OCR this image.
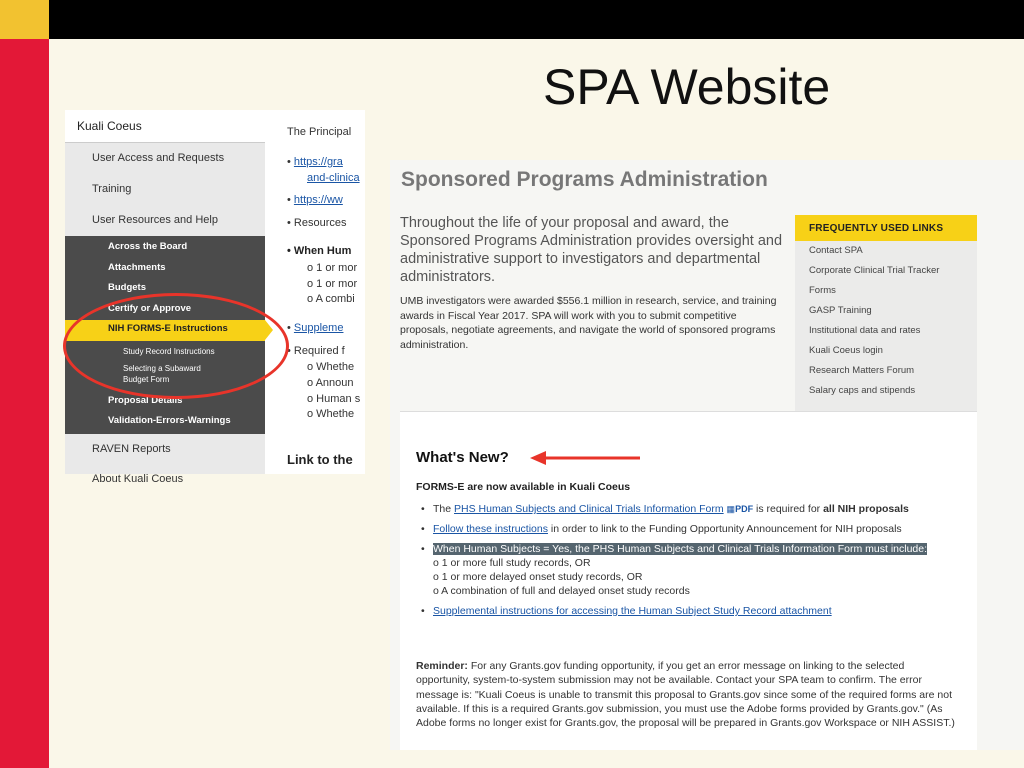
SPA Website
Kuali Coeus
User Access and Requests
Training
User Resources and Help
Across the Board
Attachments
Budgets
Certify or Approve
NIH FORMS-E Instructions
Study Record Instructions
Selecting a Subaward Budget Form
Proposal Details
Validation-Errors-Warnings
RAVEN Reports
About Kuali Coeus
The Principal
• https://gra
and-clinica
• https://ww
• Resources
• When Hum
o 1 or mor
o 1 or mor
o A combi
• Suppleme
• Required f
o Whethe
o Announ
o Human s
o Whethe
Link to the
Sponsored Programs Administration
Throughout the life of your proposal and award, the Sponsored Programs Administration provides oversight and administrative support to investigators and departmental administrators.
UMB investigators were awarded $556.1 million in research, service, and training awards in Fiscal Year 2017. SPA will work with you to submit competitive proposals, negotiate agreements, and navigate the world of sponsored programs administration.
FREQUENTLY USED LINKS
Contact SPA
Corporate Clinical Trial Tracker
Forms
GASP Training
Institutional data and rates
Kuali Coeus login
Research Matters Forum
Salary caps and stipends
What's New?
FORMS-E are now available in Kuali Coeus
• The PHS Human Subjects and Clinical Trials Information Form ▦PDF is required for all NIH proposals
• Follow these instructions in order to link to the Funding Opportunity Announcement for NIH proposals
• When Human Subjects = Yes, the PHS Human Subjects and Clinical Trials Information Form must include:
o 1 or more full study records, OR
o 1 or more delayed onset study records, OR
o A combination of full and delayed onset study records
• Supplemental instructions for accessing the Human Subject Study Record attachment
Reminder: For any Grants.gov funding opportunity, if you get an error message on linking to the selected opportunity, system-to-system submission may not be available. Contact your SPA team to confirm. The error message is: "Kuali Coeus is unable to transmit this proposal to Grants.gov since some of the required forms are not available. If this is a required Grants.gov submission, you must use the Adobe forms provided by Grants.gov." (As Adobe forms no longer exist for Grants.gov, the proposal will be prepared in Grants.gov Workspace or NIH ASSIST.)
